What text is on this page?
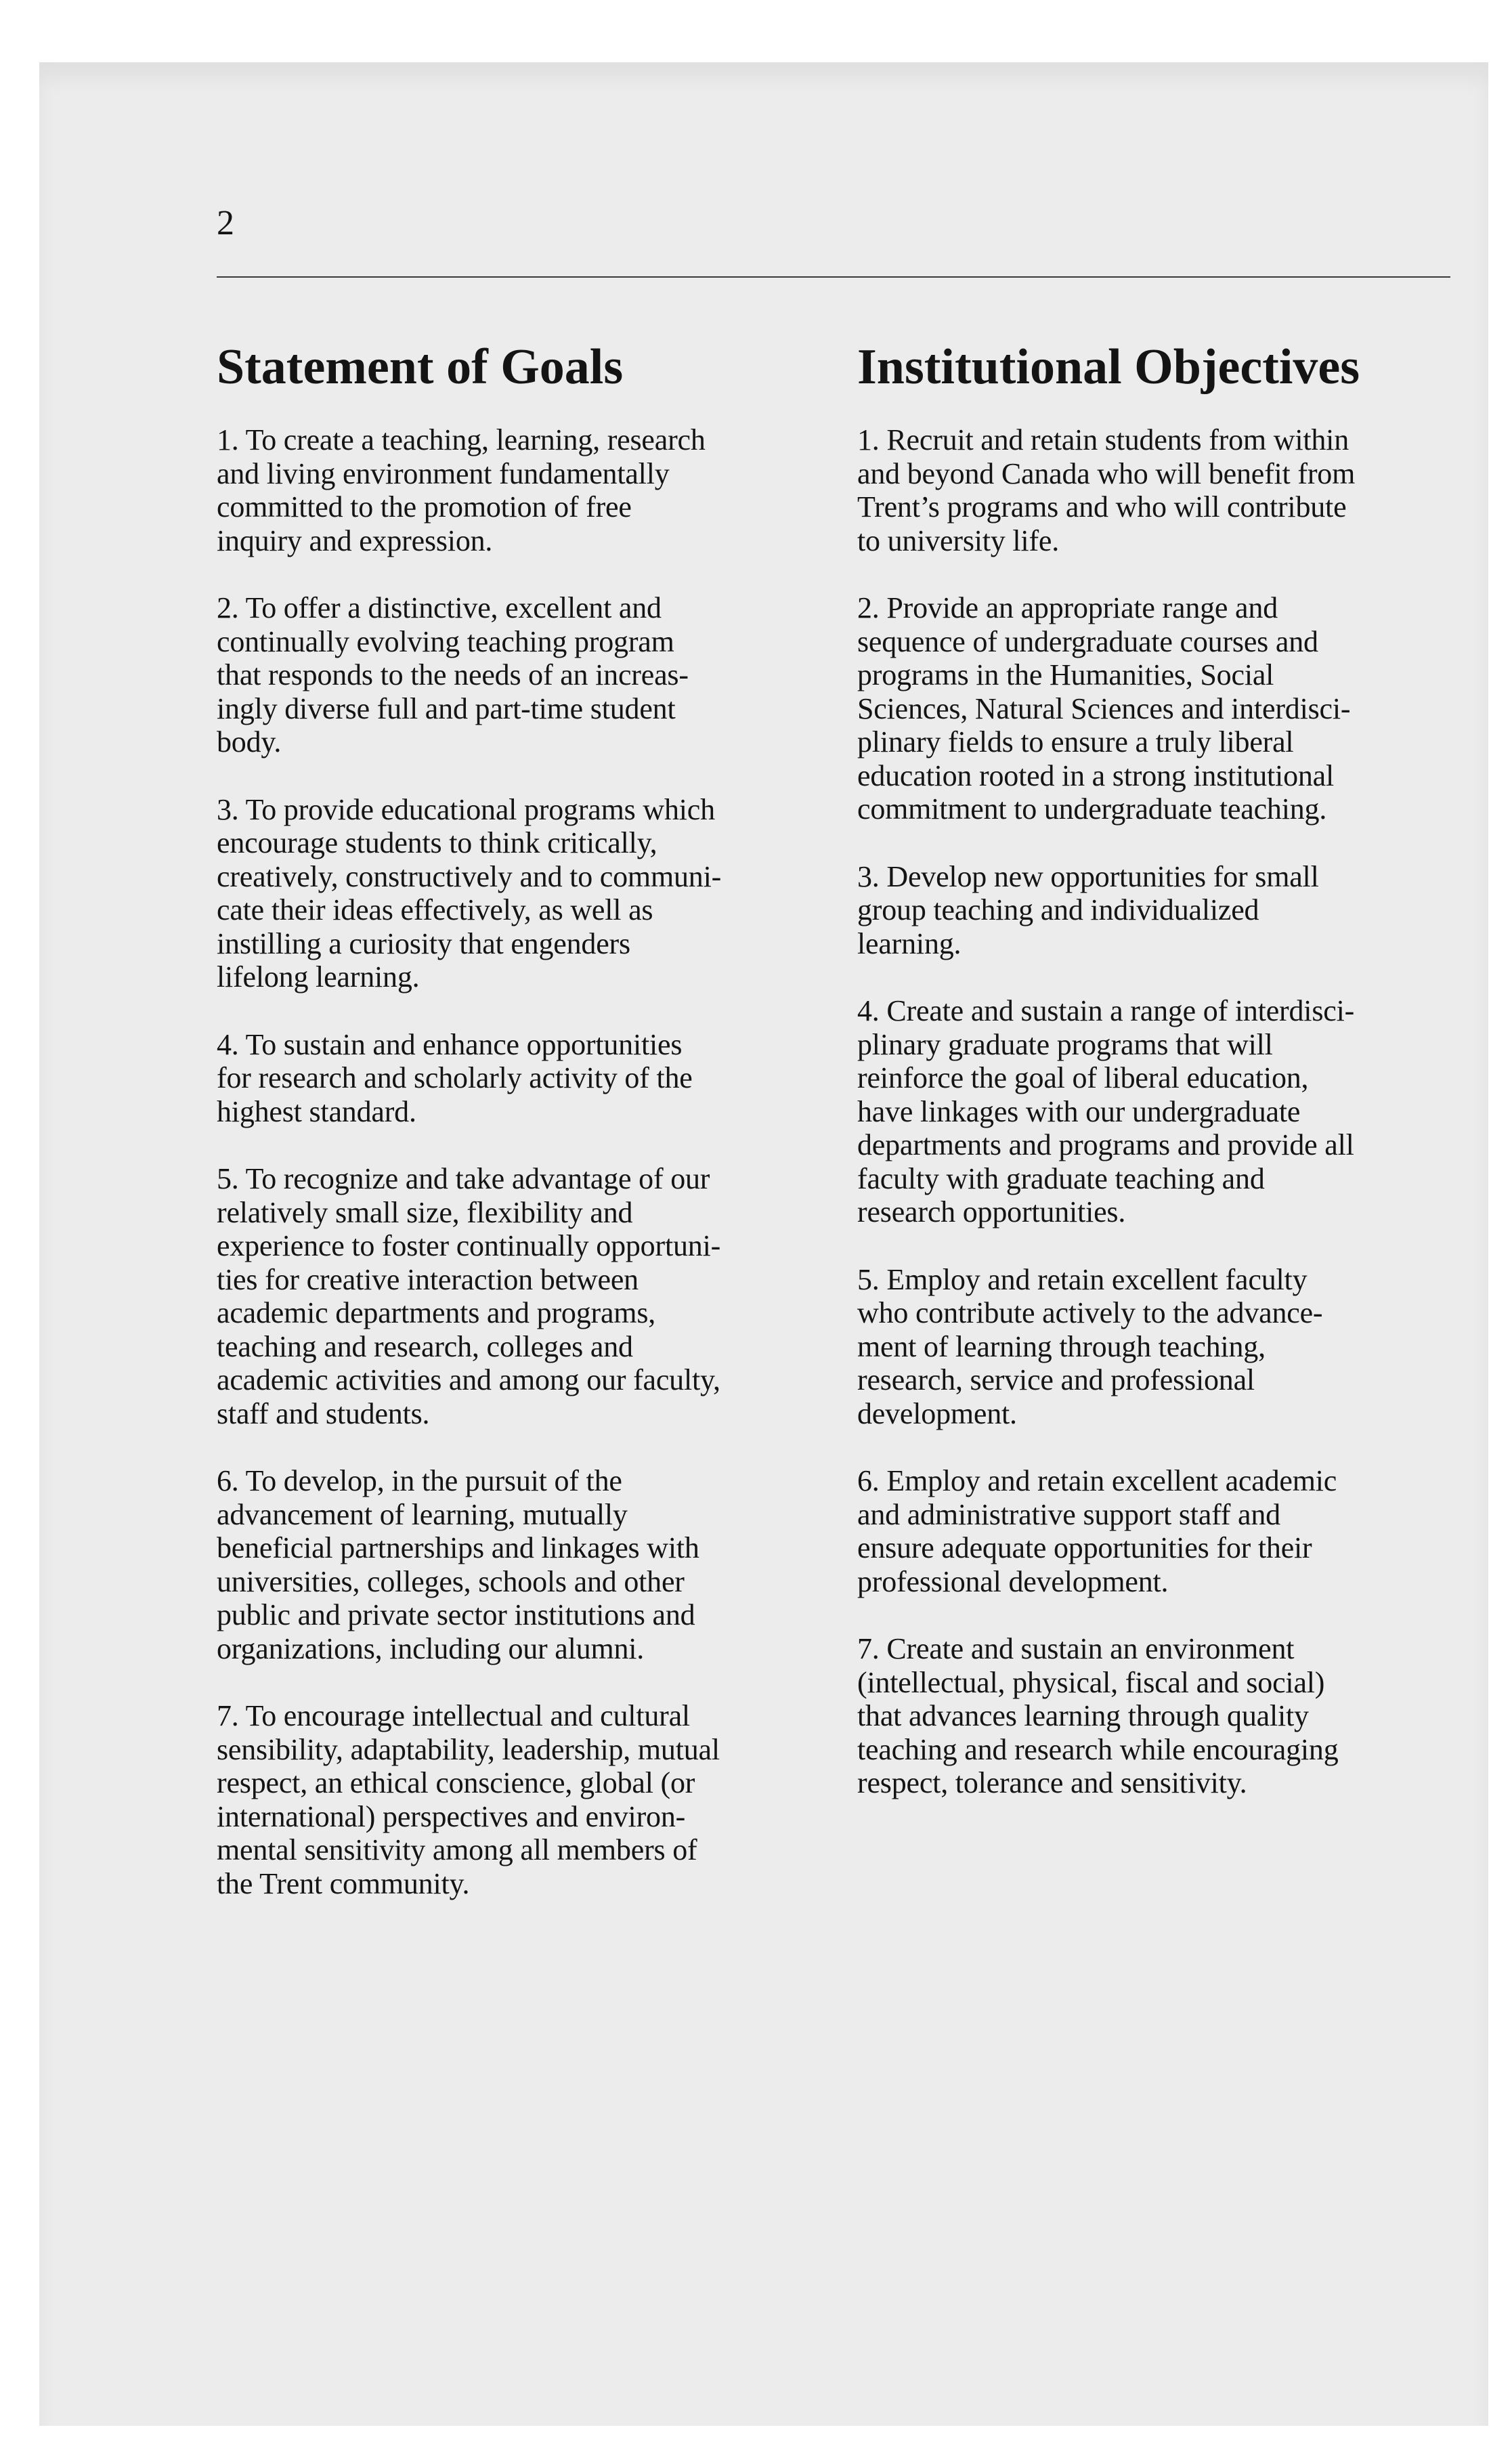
2
Statement of Goals

1. To create a teaching, learning, research
and living environment fundamentally
committed to the promotion of free
inquiry and expression.

2. To offer a distinctive, excellent and
continually evolving teaching program
that responds to the needs of an increas-
ingly diverse full and part-time student
body.

3. To provide educational programs which
encourage students to think critically,
creatively, constructively and to communi-
cate their ideas effectively, as well as
instilling a curiosity that engenders
lifelong learning.

4. To sustain and enhance opportunities
for research and scholarly activity of the
highest standard.

5. To recognize and take advantage of our
relatively small size, flexibility and
experience to foster continually opportuni-
ties for creative interaction between
academic departments and programs,
teaching and research, colleges and
academic activities and among our faculty,
staff and students.

6. To develop, in the pursuit of the
advancement of learning, mutually
beneficial partnerships and linkages with
universities, colleges, schools and other
public and private sector institutions and
organizations, including our alumni.

7. To encourage intellectual and cultural
sensibility, adaptability, leadership, mutual
respect, an ethical conscience, global (or
international) perspectives and environ-
mental sensitivity among all members of
the Trent community.

Institutional Objectives

1. Recruit and retain students from within
and beyond Canada who will benefit from
Trent’s programs and who will contribute
to university life.

2. Provide an appropriate range and
sequence of undergraduate courses and
programs in the Humanities, Social
Sciences, Natural Sciences and interdisci-
plinary fields to ensure a truly liberal
education rooted in a strong institutional
commitment to undergraduate teaching.

3. Develop new opportunities for small
group teaching and individualized
learning.

4. Create and sustain a range of interdisci-
plinary graduate programs that will
reinforce the goal of liberal education,
have linkages with our undergraduate
departments and programs and provide all
faculty with graduate teaching and
research opportunities.

5. Employ and retain excellent faculty
who contribute actively to the advance-
ment of learning through teaching,
research, service and professional
development.

6. Employ and retain excellent academic
and administrative support staff and
ensure adequate opportunities for their
professional development.

7. Create and sustain an environment
(intellectual, physical, fiscal and social)
that advances learning through quality
teaching and research while encouraging
respect, tolerance and sensitivity.
